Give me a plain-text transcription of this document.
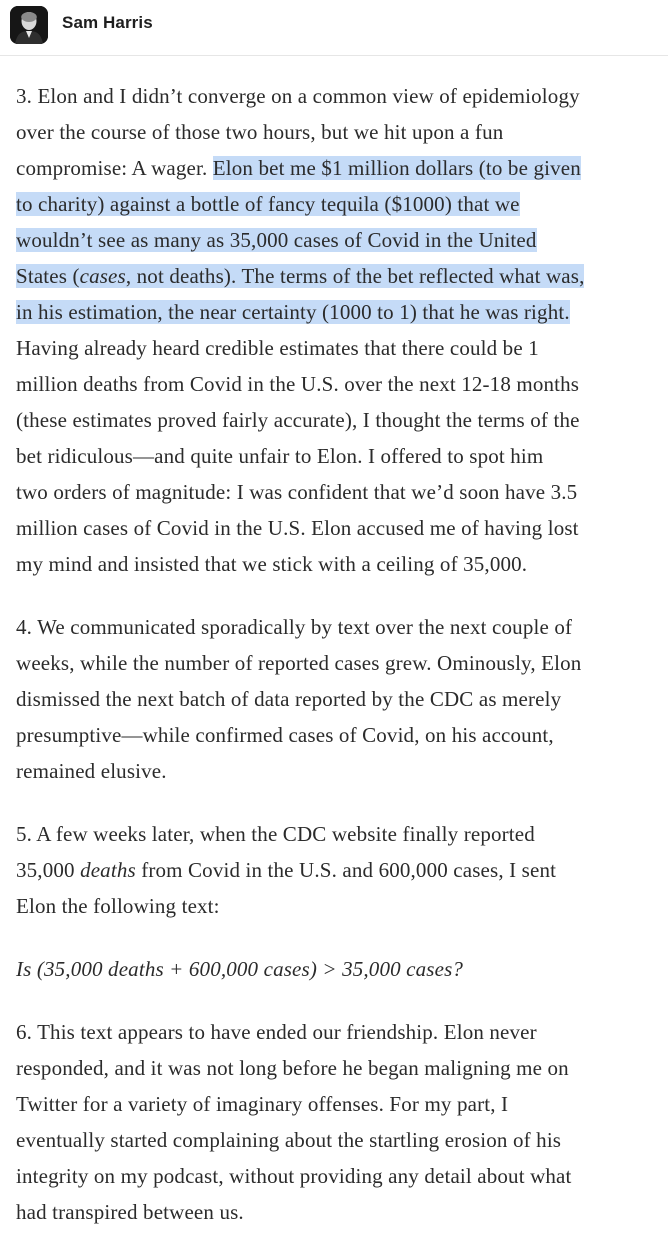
Sam Harris

3. Elon and I didn’t converge on a common view of epidemiology
over the course of those two hours, but we hit upon a fun
compromise: A wager. Elon bet me $1 million dollars (to be given
to charity) against a bottle of fancy tequila ($1000) that we
wouldn’t see as many as 35,000 cases of Covid in the United
States (cases, not deaths). The terms of the bet reflected what was,
in his estimation, the near certainty (1000 to 1) that he was right.
Having already heard credible estimates that there could be 1
million deaths from Covid in the U.S. over the next 12-18 months
(these estimates proved fairly accurate), I thought the terms of the
bet ridiculous—and quite unfair to Elon. I offered to spot him
two orders of magnitude: I was confident that we’d soon have 3.5
million cases of Covid in the U.S. Elon accused me of having lost
my mind and insisted that we stick with a ceiling of 35,000.

4. We communicated sporadically by text over the next couple of
weeks, while the number of reported cases grew. Ominously, Elon
dismissed the next batch of data reported by the CDC as merely
presumptive—while confirmed cases of Covid, on his account,
remained elusive.

5. A few weeks later, when the CDC website finally reported
35,000 deaths from Covid in the U.S. and 600,000 cases, I sent
Elon the following text:

Is (35,000 deaths + 600,000 cases) > 35,000 cases?

6. This text appears to have ended our friendship. Elon never
responded, and it was not long before he began maligning me on
Twitter for a variety of imaginary offenses. For my part, I
eventually started complaining about the startling erosion of his
integrity on my podcast, without providing any detail about what
had transpired between us.
